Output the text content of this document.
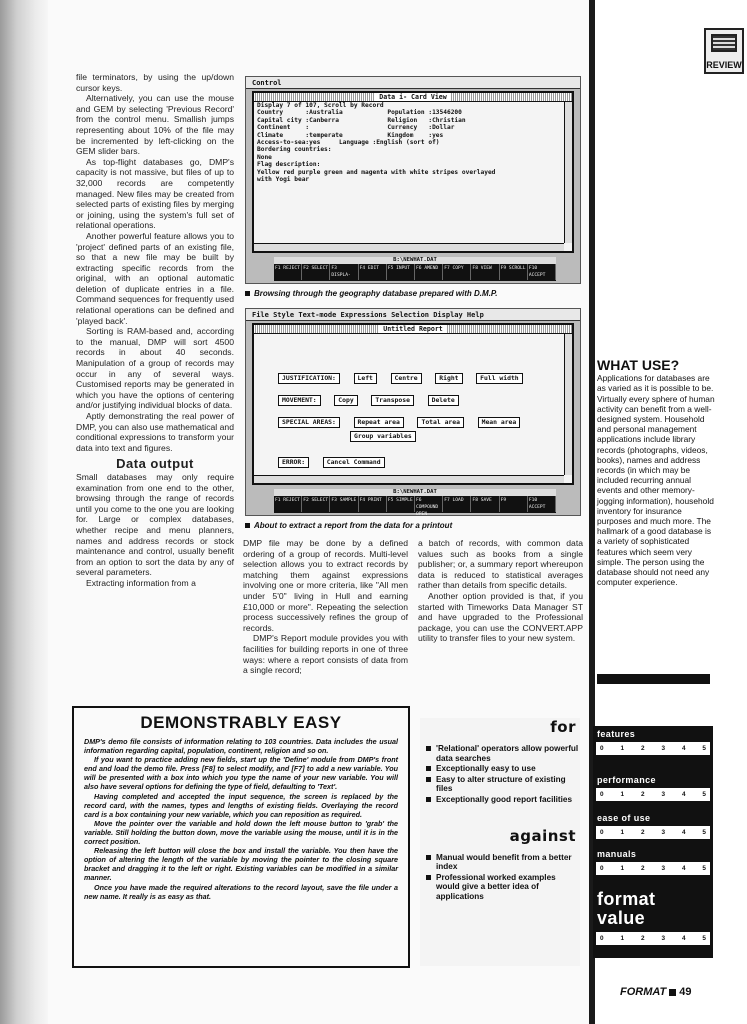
REVIEW

file terminators, by using the up/down cursor keys.

Alternatively, you can use the mouse and GEM by selecting 'Previous Record' from the control menu. Smallish jumps representing about 10% of the file may be incremented by left-clicking on the GEM slider bars.

As top-flight databases go, DMP's capacity is not massive, but files of up to 32,000 records are competently managed. New files may be created from selected parts of existing files by merging or joining, using the system's full set of relational operations.

Another powerful feature allows you to 'project' defined parts of an existing file, so that a new file may be built by extracting specific records from the original, with an optional automatic deletion of duplicate entries in a file. Command sequences for frequently used relational operations can be defined and 'played back'.

Sorting is RAM-based and, according to the manual, DMP will sort 4500 records in about 40 seconds. Manipulation of a group of records may occur in any of several ways. Customised reports may be generated in which you have the options of centering and/or justifying individual blocks of data.

Aptly demonstrating the real power of DMP, you can also use mathematical and conditional expressions to transform your data into text and figures.

Data output

Small databases may only require examination from one end to the other, browsing through the range of records until you come to the one you are looking for. Large or complex databases, whether recipe and menu planners, names and address records or stock maintenance and control, usually benefit from an option to sort the data by any of several parameters.

Extracting information from a

Control
Data i- Card View
Display 7 of 107, Scroll by Record
Country      :Australia            Population :13546200
Capital city :Canberra             Religion   :Christian
Continent    :                     Currency   :Dollar
Climate      :temperate            Kingdom    :yes
Access-to-sea:yes     Language :English (sort of)
Bordering countries:
None
Flag description:
Yellow red purple green and magenta with white stripes overlayed
with Yogi bear
B:\NEWHAT.DAT
F1 REJECT F2 SELECT F3 DISPLA-
F4 EDIT	F5 INPUT	F6 AMEND	F7 COPY	F8 VIEW	F9 SCROLL F10 ACCEPT
Browsing through the geography database prepared with D.M.P.
File Style Text-mode Expressions Selection Display Help
Untitled Report
JUSTIFICATION:	Left	Centre	Right	Full width
MOVEMENT:	Copy	Transpose	Delete
SPECIAL AREAS:	Repeat area	Total area	Mean area
Group variables
ERROR:	Cancel Command
B:\NEWHAT.DAT
F1 REJECT F2 SELECT F3 SAMPLE F4 PRINT	F5 SIMPLE F6 COMPOUND OPEN
F7 LOAD	F8 SAVE	F9	F10 ACCEPT
About to extract a report from the data for a printout

DMP file may be done by a defined ordering of a group of records. Multi-level selection allows you to extract records by matching them against expressions involving one or more criteria, like "All men under 5'0" living in Hull and earning £10,000 or more". Repeating the selection process successively refines the group of records.

DMP's Report module provides you with facilities for building reports in one of three ways: where a report consists of data from a single record;

a batch of records, with common data values such as books from a single publisher; or, a summary report whereupon data is reduced to statistical averages rather than details from specific details.

Another option provided is that, if you started with Timeworks Data Manager ST and have upgraded to the Professional package, you can use the CONVERT.APP utility to transfer files to your new system.

WHAT USE?
Applications for databases are as varied as it is possible to be. Virtually every sphere of human activity can benefit from a well-designed system. Household and personal management applications include library records (photographs, videos, books), names and address records (in which may be included recurring annual events and other memory-jogging information), household inventory for insurance purposes and much more. The hallmark of a good database is a variety of sophisticated features which seem very simple. The person using the database should not need any computer experience.
DEMONSTRABLY EASY

DMP's demo file consists of information relating to 103 countries. Data includes the usual information regarding capital, population, continent, religion and so on.

If you want to practice adding new fields, start up the 'Define' module from DMP's front end and load the demo file. Press [F8] to select modify, and [F7] to add a new variable. You will be presented with a box into which you type the name of your new variable. You will also have several options for defining the type of field, defaulting to 'Text'.

Having completed and accepted the input sequence, the screen is replaced by the record card, with the names, types and lengths of existing fields. Overlaying the record card is a box containing your new variable, which you can reposition as required.

Move the pointer over the variable and hold down the left mouse button to 'grab' the variable. Still holding the button down, move the variable using the mouse, until it is in the correct position.

Releasing the left button will close the box and install the variable. You then have the option of altering the length of the variable by moving the pointer to the closing square bracket and dragging it to the left or right. Existing variables can be modified in a similar manner.

Once you have made the required alterations to the record layout, save the file under a new name. It really is as easy as that.

for
'Relational' operators allow powerful data searches
Exceptionally easy to use
Easy to alter structure of existing files
Exceptionally good report facilities
against
Manual would benefit from a better index
Professional worked examples would give a better idea of applications
features
0	1	2	3	4	5
performance
0	1	2	3	4	5
ease of use
0	1	2	3	4	5
manuals
0	1	2	3	4	5
format
value
0	1	2	3	4	5
FORMAT 49
